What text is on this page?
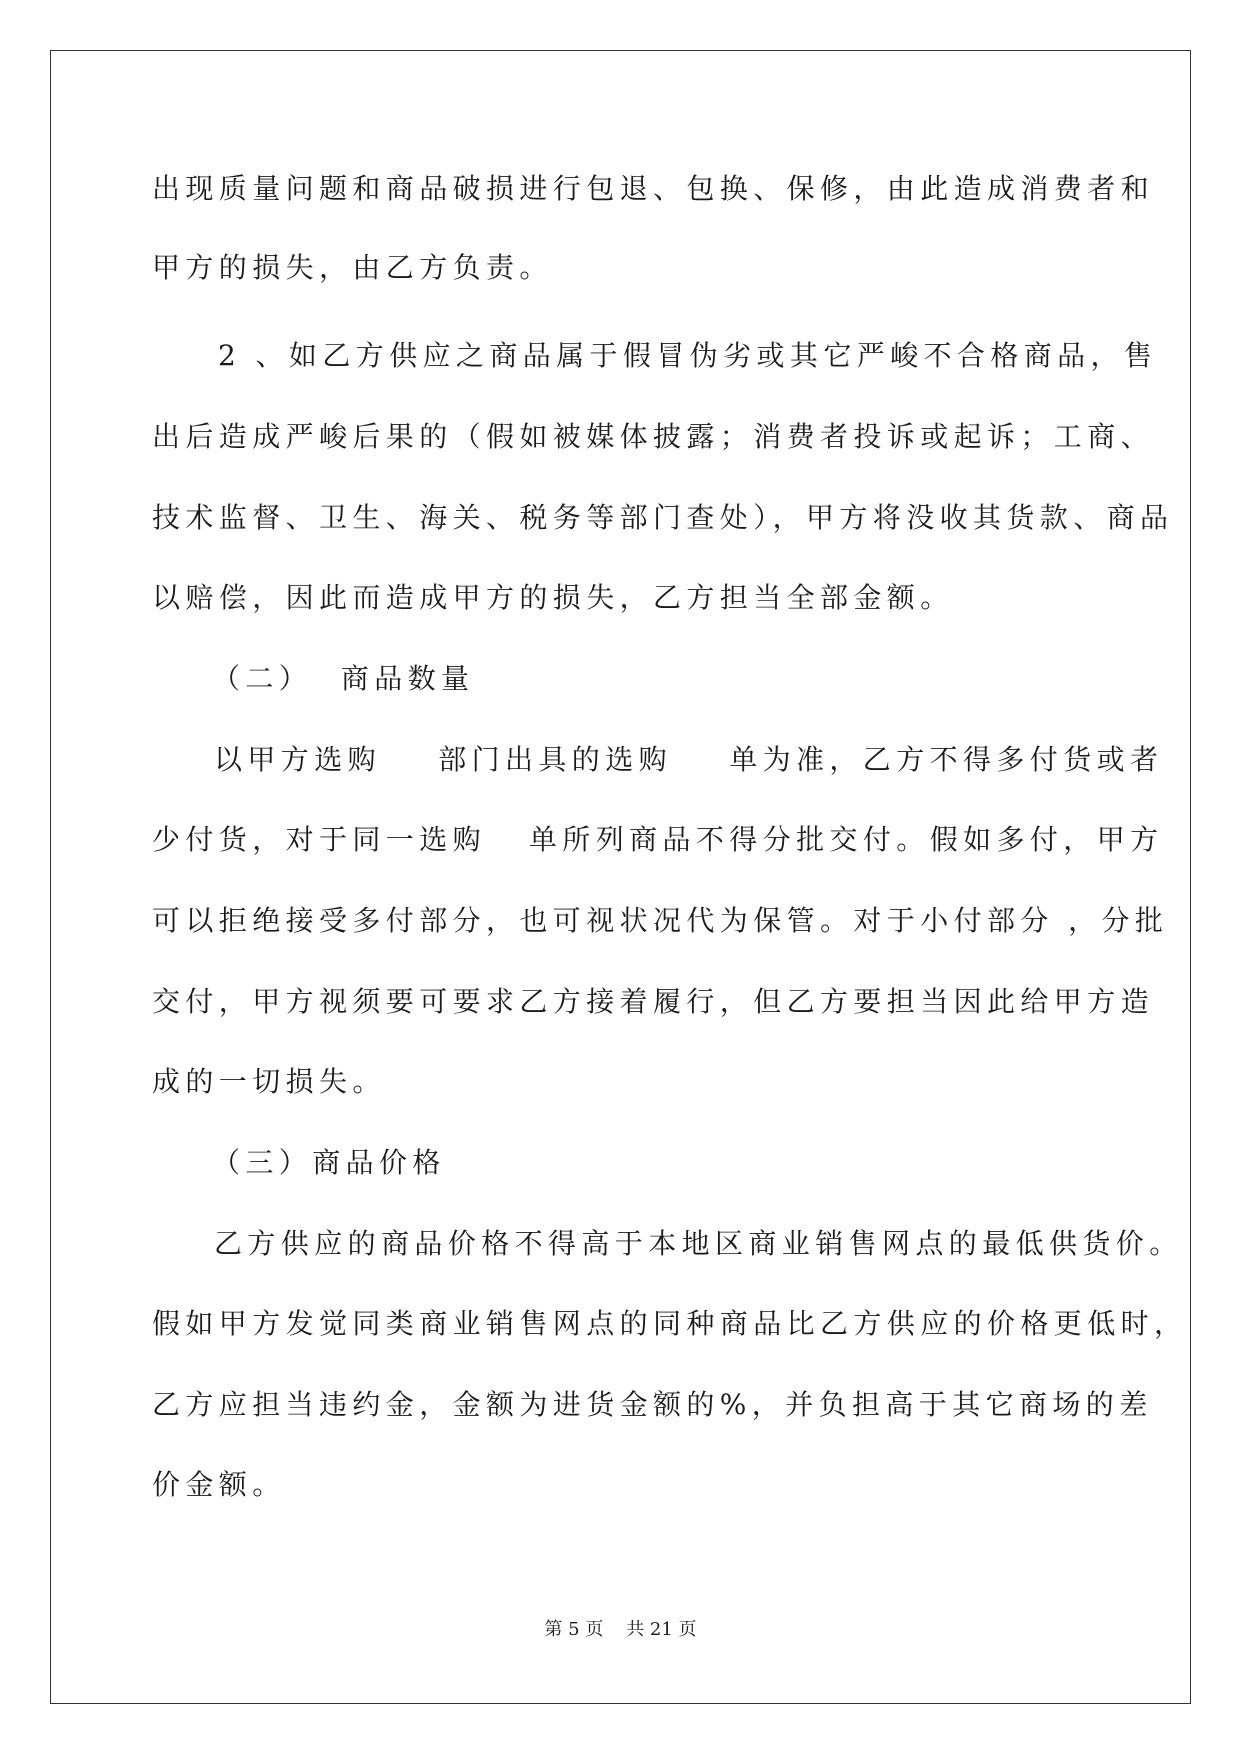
出现质量问题和商品破损进行包退、包换、保修，由此造成消费者和

甲方的损失，由乙方负责。

2 、如乙方供应之商品属于假冒伪劣或其它严峻不合格商品，售

出后造成严峻后果的（假如被媒体披露；消费者投诉或起诉；工商、

技术监督、卫生、海关、税务等部门查处），甲方将没收其货款、商品

以赔偿，因此而造成甲方的损失，乙方担当全部金额。

（二）  商品数量

以甲方选购    部门出具的选购    单为准，乙方不得多付货或者

少付货，对于同一选购   单所列商品不得分批交付。假如多付，甲方

可以拒绝接受多付部分，也可视状况代为保管。对于小付部分 ，分批

交付，甲方视须要可要求乙方接着履行，但乙方要担当因此给甲方造

成的一切损失。

（三）商品价格

乙方供应的商品价格不得高于本地区商业销售网点的最低供货价。

假如甲方发觉同类商业销售网点的同种商品比乙方供应的价格更低时，

乙方应担当违约金，金额为进货金额的%，并负担高于其它商场的差

价金额。

第 5 页    共 21 页
